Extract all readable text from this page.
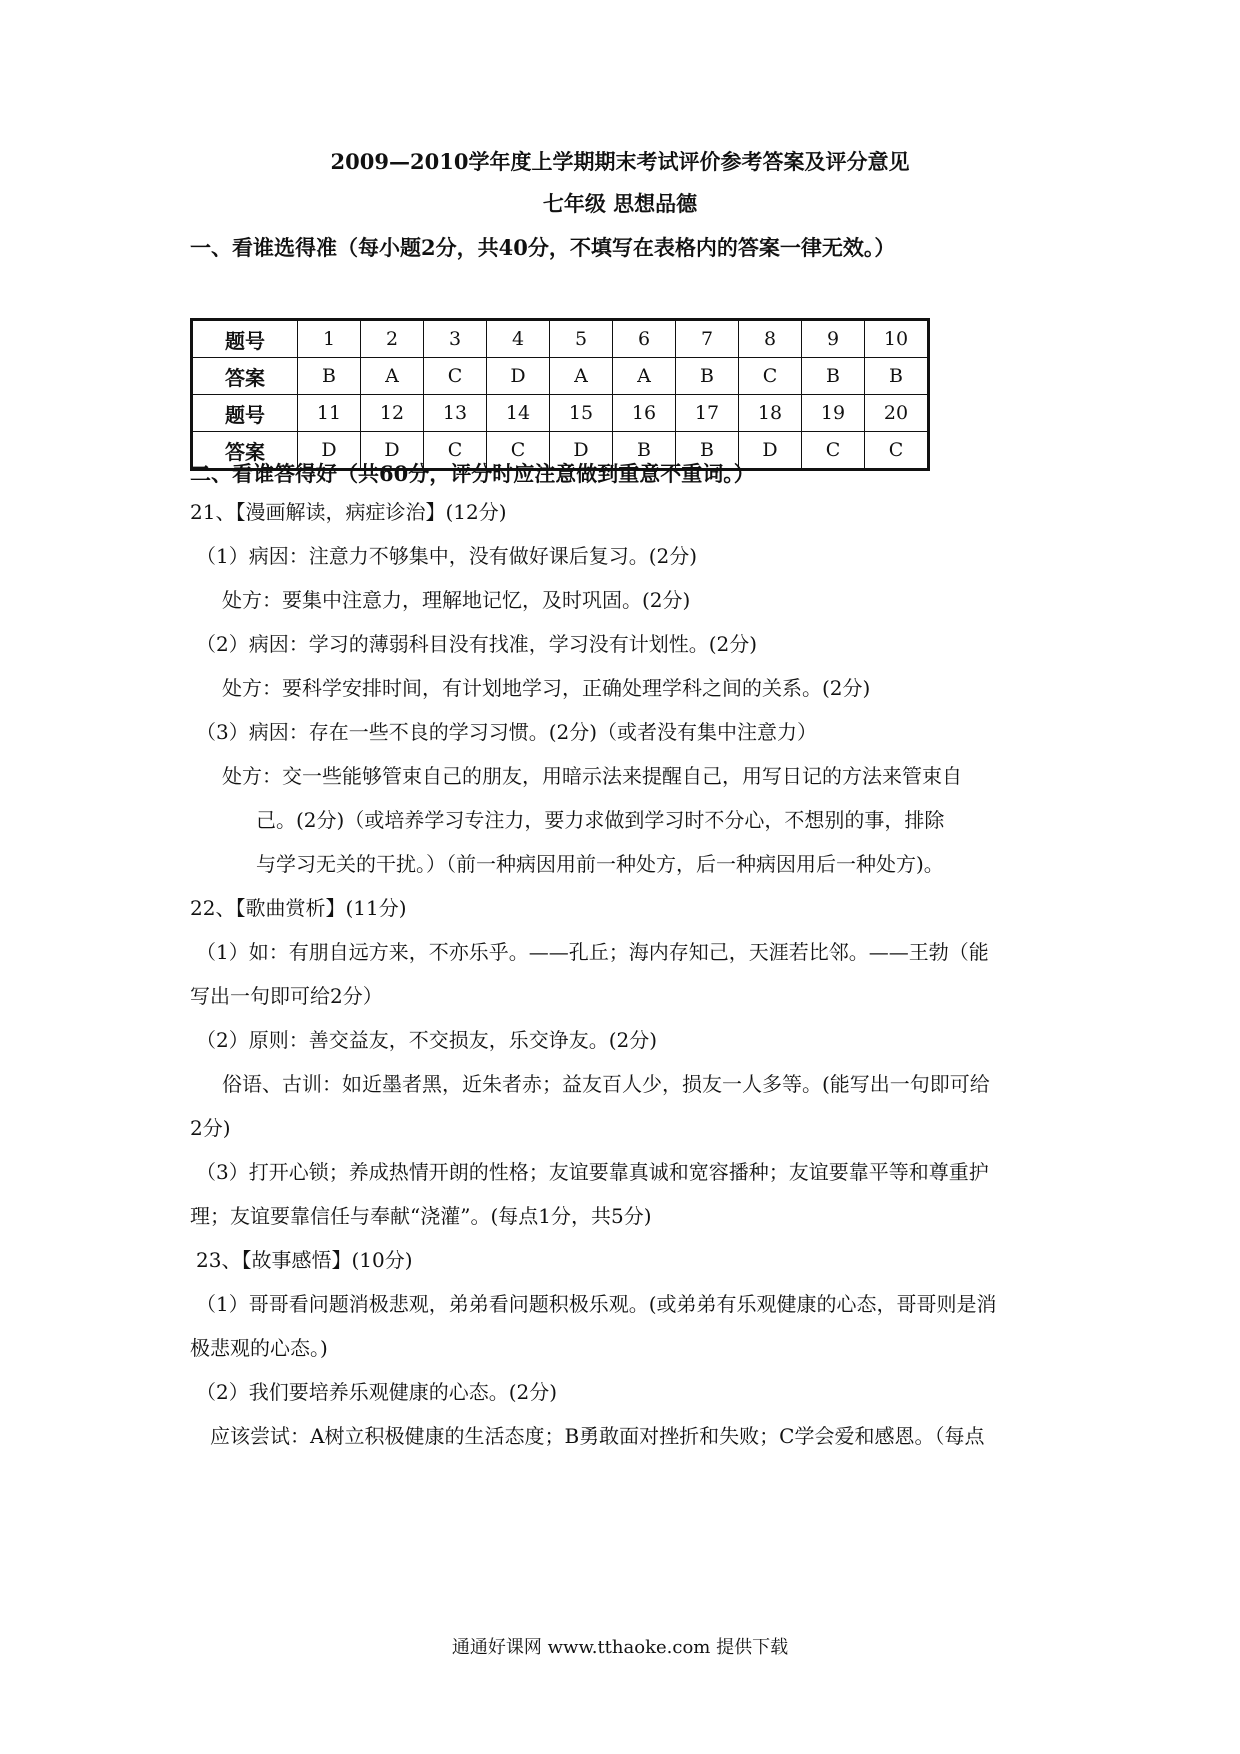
2009—2010学年度上学期期末考试评价参考答案及评分意见
七年级 思想品德
一、看谁选得准（每小题2分，共40分，不填写在表格内的答案一律无效。）
题号	1	2	3	4	5	6	7	8	9	10
答案	B	A	C	D	A	A	B	C	B	B
题号	11	12	13	14	15	16	17	18	19	20
答案	D	D	C	C	D	B	B	D	C	C
二、看谁答得好（共60分，评分时应注意做到重意不重词。）
21、【漫画解读，病症诊治】(12分)
（1）病因：注意力不够集中，没有做好课后复习。(2分)
处方：要集中注意力，理解地记忆，及时巩固。(2分)
（2）病因：学习的薄弱科目没有找准，学习没有计划性。(2分)
处方：要科学安排时间，有计划地学习，正确处理学科之间的关系。(2分)
（3）病因：存在一些不良的学习习惯。(2分)（或者没有集中注意力）
处方：交一些能够管束自己的朋友，用暗示法来提醒自己，用写日记的方法来管束自
己。(2分)（或培养学习专注力，要力求做到学习时不分心，不想别的事，排除
与学习无关的干扰。）（前一种病因用前一种处方，后一种病因用后一种处方)。
22、【歌曲赏析】(11分)
（1）如：有朋自远方来，不亦乐乎。——孔丘；海内存知己，天涯若比邻。——王勃（能
写出一句即可给2分）
（2）原则：善交益友，不交损友，乐交诤友。(2分)
俗语、古训：如近墨者黑，近朱者赤；益友百人少，损友一人多等。(能写出一句即可给
2分)
（3）打开心锁；养成热情开朗的性格；友谊要靠真诚和宽容播种；友谊要靠平等和尊重护
理；友谊要靠信任与奉献“浇灌”。(每点1分，共5分)
23、【故事感悟】(10分)
（1）哥哥看问题消极悲观，弟弟看问题积极乐观。(或弟弟有乐观健康的心态，哥哥则是消
极悲观的心态。)
（2）我们要培养乐观健康的心态。(2分)
应该尝试：A树立积极健康的生活态度；B勇敢面对挫折和失败；C学会爱和感恩。（每点
通通好课网 www.tthaoke.com 提供下载
